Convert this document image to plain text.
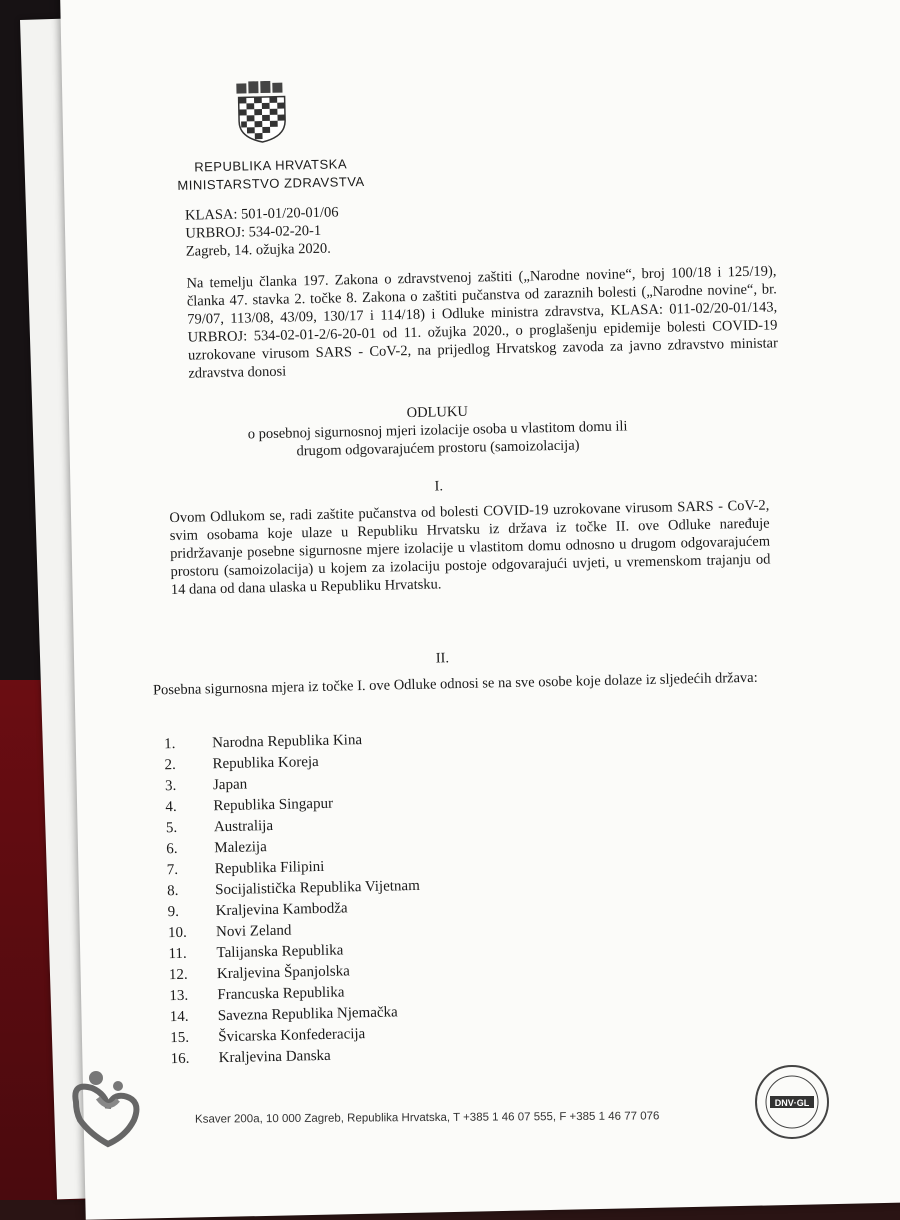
REPUBLIKA HRVATSKA
MINISTARSTVO ZDRAVSTVA
KLASA: 501-01/20-01/06
URBROJ: 534-02-20-1
Zagreb, 14. ožujka 2020.
Na temelju članka 197. Zakona o zdravstvenoj zaštiti („Narodne novine“, broj 100/18 i 125/19), članka 47. stavka 2. točke 8. Zakona o zaštiti pučanstva od zaraznih bolesti („Narodne novine“, br. 79/07, 113/08, 43/09, 130/17 i 114/18) i Odluke ministra zdravstva, KLASA: 011-02/20-01/143, URBROJ: 534-02-01-2/6-20-01 od 11. ožujka 2020., o proglašenju epidemije bolesti COVID-19 uzrokovane virusom SARS - CoV-2, na prijedlog Hrvatskog zavoda za javno zdravstvo ministar zdravstva donosi
ODLUKU
o posebnoj sigurnosnoj mjeri izolacije osoba u vlastitom domu ili
drugom odgovarajućem prostoru (samoizolacija)
I.
Ovom Odlukom se, radi zaštite pučanstva od bolesti COVID-19 uzrokovane virusom SARS - CoV-2, svim osobama koje ulaze u Republiku Hrvatsku iz država iz točke II. ove Odluke naređuje pridržavanje posebne sigurnosne mjere izolacije u vlastitom domu odnosno u drugom odgovarajućem prostoru (samoizolacija) u kojem za izolaciju postoje odgovarajući uvjeti, u vremenskom trajanju od 14 dana od dana ulaska u Republiku Hrvatsku.
II.
Posebna sigurnosna mjera iz točke I. ove Odluke odnosi se na sve osobe koje dolaze iz sljedećih država:
1.	Narodna Republika Kina
2.	Republika Koreja
3.	Japan
4.	Republika Singapur
5.	Australija
6.	Malezija
7.	Republika Filipini
8.	Socijalistička Republika Vijetnam
9.	Kraljevina Kambodža
10.	Novi Zeland
11.	Talijanska Republika
12.	Kraljevina Španjolska
13.	Francuska Republika
14.	Savezna Republika Njemačka
15.	Švicarska Konfederacija
16.	Kraljevina Danska
Ksaver 200a, 10 000 Zagreb, Republika Hrvatska, T +385 1 46 07 555, F +385 1 46 77 076
DNV·GL
